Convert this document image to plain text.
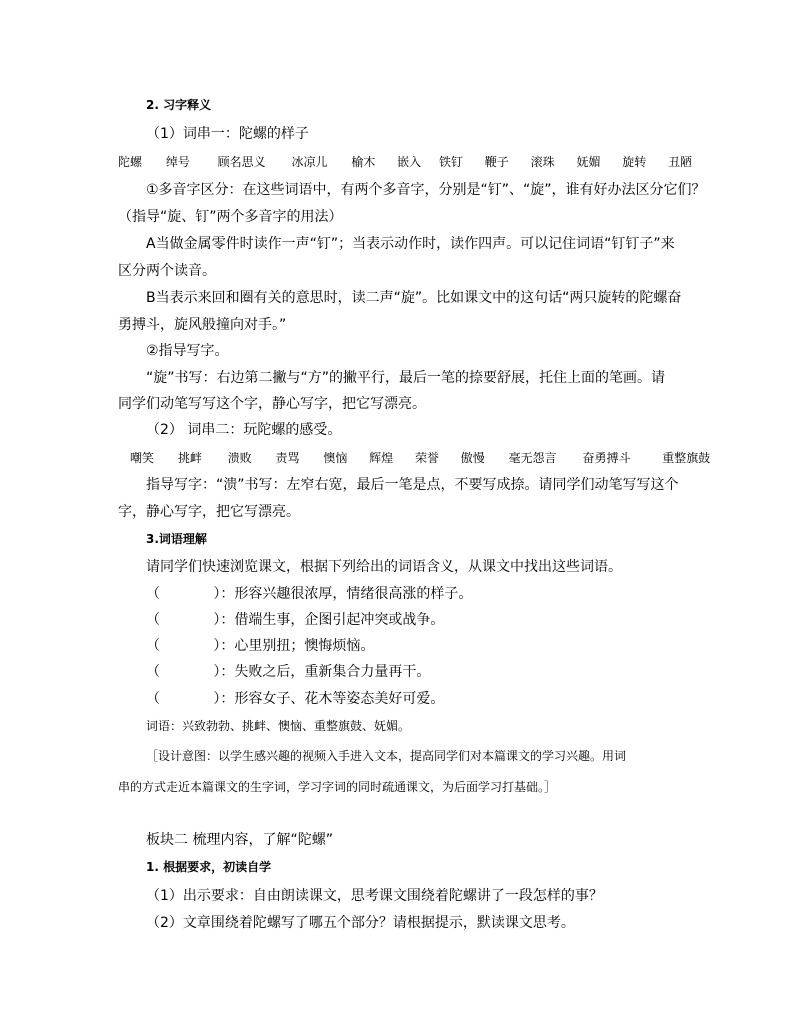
2. 习字释义
（1）词串一：陀螺的样子
陀螺 绰号 顾名思义 冰凉儿 榆木 嵌入 铁钉 鞭子 滚珠 妩媚 旋转 丑陋
①多音字区分：在这些词语中，有两个多音字，分别是“钉”、“旋”，谁有好办法区分它们？
（指导“旋、钉”两个多音字的用法）
A当做金属零件时读作一声“钉”；当表示动作时，读作四声。可以记住词语“钉钉子”来
区分两个读音。
B当表示来回和圈有关的意思时，读二声“旋”。比如课文中的这句话“两只旋转的陀螺奋
勇搏斗，旋风般撞向对手。”
②指导写字。
“旋”书写：右边第二撇与“方”的撇平行，最后一笔的捺要舒展，托住上面的笔画。请
同学们动笔写写这个字，静心写字，把它写漂亮。
（2） 词串二：玩陀螺的感受。
嘲笑 挑衅 溃败 责骂 懊恼 辉煌 荣誉 傲慢 毫无怨言 奋勇搏斗	重整旗鼓
指导写字：“溃”书写：左窄右宽，最后一笔是点，不要写成捺。请同学们动笔写写这个
字，静心写字，把它写漂亮。
3.词语理解
请同学们快速浏览课文，根据下列给出的词语含义，从课文中找出这些词语。
（            ）：形容兴趣很浓厚，情绪很高涨的样子。
（            ）：借端生事，企图引起冲突或战争。
（            ）：心里别扭；懊悔烦恼。
（            ）：失败之后，重新集合力量再干。
（            ）：形容女子、花木等姿态美好可爱。
词语：兴致勃勃、挑衅、懊恼、重整旗鼓、妩媚。
［设计意图：以学生感兴趣的视频入手进入文本，提高同学们对本篇课文的学习兴趣。用词
串的方式走近本篇课文的生字词，学习字词的同时疏通课文，为后面学习打基础。］
板块二 梳理内容，了解“陀螺”
1. 根据要求，初读自学
（1）出示要求：自由朗读课文，思考课文围绕着陀螺讲了一段怎样的事？
（2）文章围绕着陀螺写了哪五个部分？请根据提示，默读课文思考。
